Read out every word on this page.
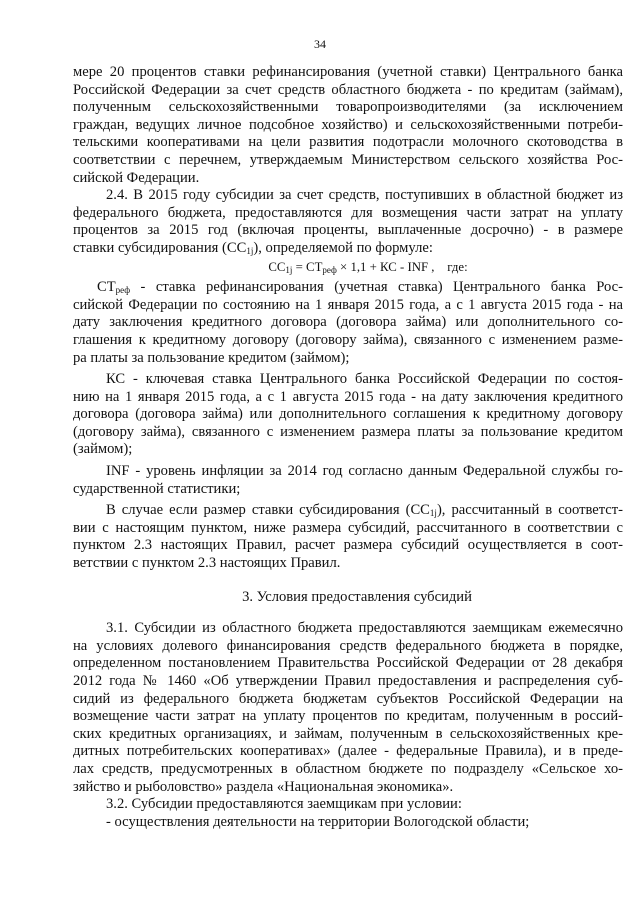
34

мере 20 процентов ставки рефинансирования (учетной ставки) Центрального банка
Российской Федерации за счет средств областного бюджета - по кредитам (займам),
полученным сельскохозяйственными товаропроизводителями (за исключением
граждан, ведущих личное подсобное хозяйство) и сельскохозяйственными потреби-
тельскими кооперативами на цели развития подотрасли молочного скотоводства в
соответствии с перечнем, утверждаемым Министерством сельского хозяйства Рос-
сийской Федерации.

2.4. В 2015 году субсидии за счет средств, поступивших в областной бюджет из
федерального бюджета, предоставляются для возмещения части затрат на уплату
процентов за 2015 год (включая проценты, выплаченные досрочно) - в размере
ставки субсидирования $(СС_{1j})$, определяемой по формуле:

$СС_{1j} = СТ_{реф} \times 1,1$ + КС - INF ,    где:

$СТ_{реф}$ - ставка рефинансирования (учетная ставка) Центрального банка Рос-
сийской Федерации по состоянию на 1 января 2015 года, а с 1 августа 2015 года - на
дату заключения кредитного договора (договора займа) или дополнительного со-
глашения к кредитному договору (договору займа), связанного с изменением разме-
ра платы за пользование кредитом (займом);

КС - ключевая ставка Центрального банка Российской Федерации по состоя-
нию на 1 января 2015 года, а с 1 августа 2015 года - на дату заключения кредитного
договора (договора займа) или дополнительного соглашения к кредитному договору
(договору займа), связанного с изменением размера платы за пользование кредитом
(займом);

INF - уровень инфляции за 2014 год согласно данным Федеральной службы го-
сударственной статистики;

В случае если размер ставки субсидирования $(СС_{1j})$, рассчитанный в соответст-
вии с настоящим пунктом, ниже размера субсидий, рассчитанного в соответствии с
пунктом 2.3 настоящих Правил, расчет размера субсидий осуществляется в соот-
ветствии с пунктом 2.3 настоящих Правил.

3. Условия предоставления субсидий

3.1. Субсидии из областного бюджета предоставляются заемщикам ежемесячно
на условиях долевого финансирования средств федерального бюджета в порядке,
определенном постановлением Правительства Российской Федерации от 28 декабря
2012 года № 1460 «Об утверждении Правил предоставления и распределения суб-
сидий из федерального бюджета бюджетам субъектов Российской Федерации на
возмещение части затрат на уплату процентов по кредитам, полученным в россий-
ских кредитных организациях, и займам, полученным в сельскохозяйственных кре-
дитных потребительских кооперативах» (далее - федеральные Правила), и в преде-
лах средств, предусмотренных в областном бюджете по подразделу «Сельское хо-
зяйство и рыболовство» раздела «Национальная экономика».

3.2. Субсидии предоставляются заемщикам при условии:
- осуществления деятельности на территории Вологодской области;
